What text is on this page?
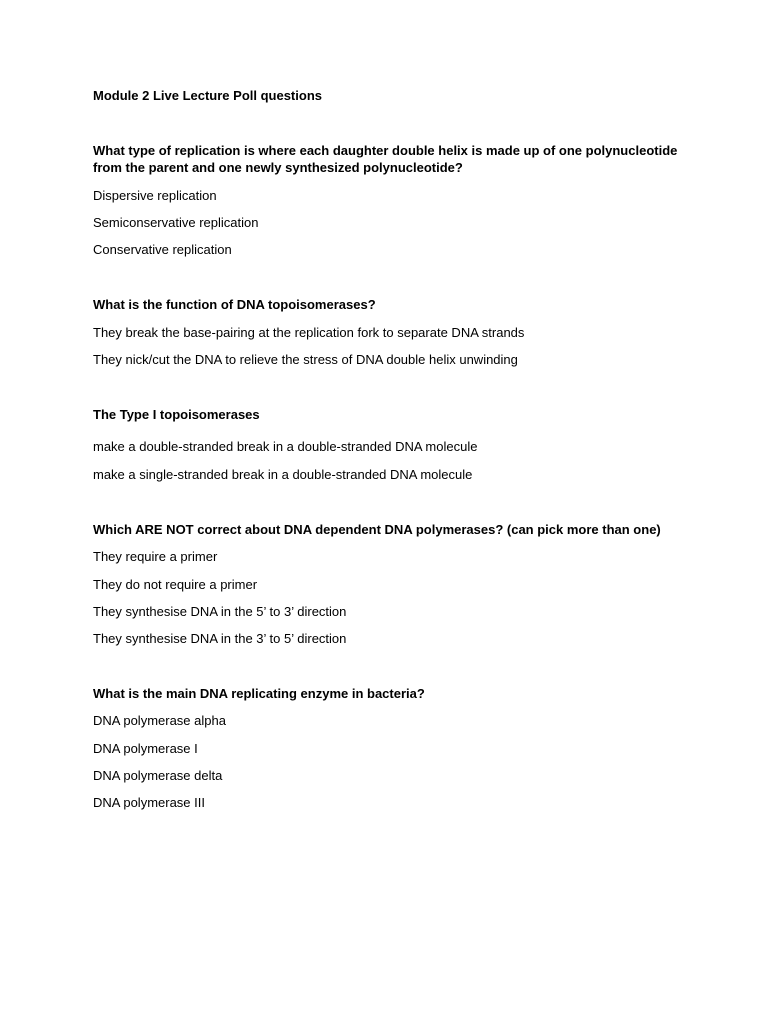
Module 2 Live Lecture Poll questions
What type of replication is where each daughter double helix is made up of one polynucleotide from the parent and one newly synthesized polynucleotide?
Dispersive replication
Semiconservative replication
Conservative replication
What is the function of DNA topoisomerases?
They break the base-pairing at the replication fork to separate DNA strands
They nick/cut the DNA to relieve the stress of DNA double helix unwinding
The Type I topoisomerases
make a double-stranded break in a double-stranded DNA molecule
make a single-stranded break in a double-stranded DNA molecule
Which ARE NOT correct about DNA dependent DNA polymerases? (can pick more than one)
They require a primer
They do not require a primer
They synthesise DNA in the 5’ to 3’ direction
They synthesise DNA in the 3’ to 5’ direction
What is the main DNA replicating enzyme in bacteria?
DNA polymerase alpha
DNA polymerase I
DNA polymerase delta
DNA polymerase III
